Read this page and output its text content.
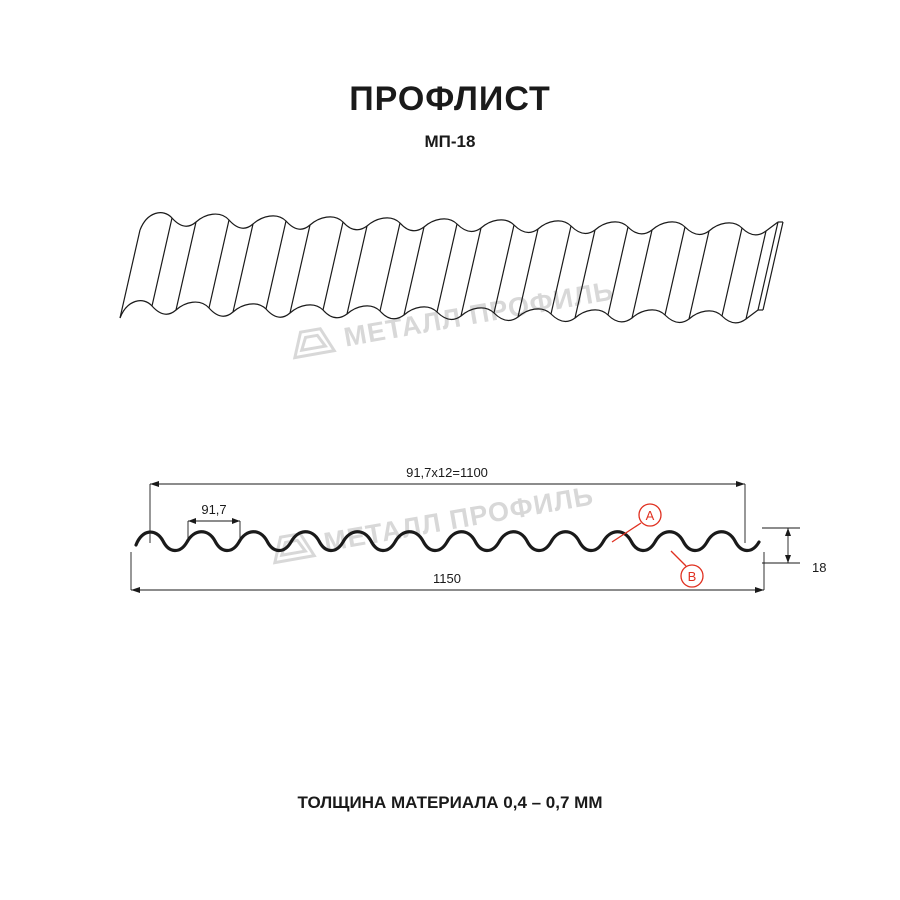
ПРОФЛИСТ
МП-18
МЕТАЛЛ ПРОФИЛЬ
МЕТАЛЛ ПРОФИЛЬ
91,7x12=1100
91,7
1150
18
A
B
ТОЛЩИНА МАТЕРИАЛА 0,4 – 0,7 ММ
